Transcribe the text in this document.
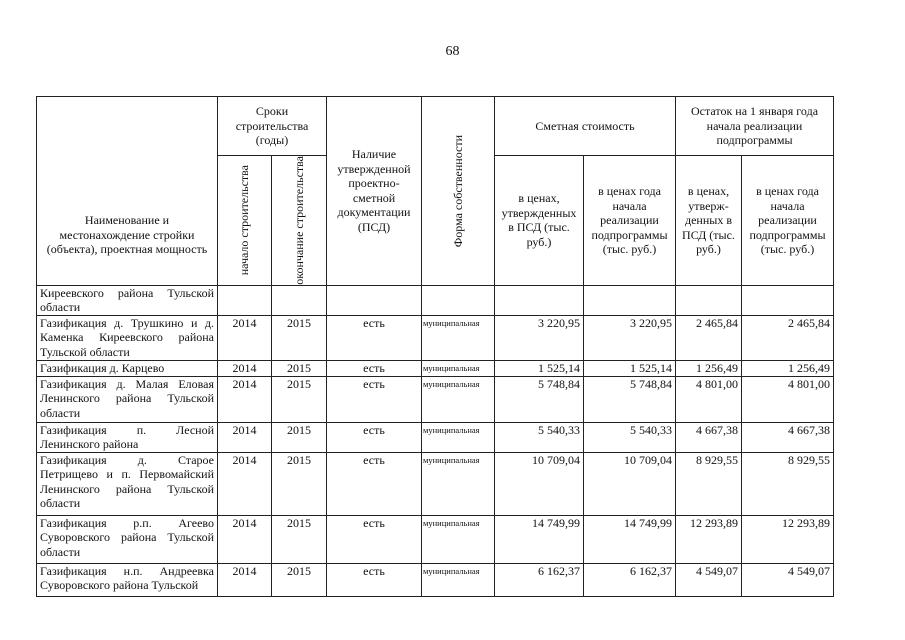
68
Наименование и местонахождение стройки (объекта), проектная мощность	Сроки строительства (годы)		Наличие утвержденной проектно-сметной документации (ПСД)	Форма собственности	Сметная стоимость		Остаток на 1 января года начала реализации подпрограммы	

	начало строительства	окончание строительства			в ценах, утвержденных в ПСД (тыс. руб.)	в ценах года начала реализации подпрограммы (тыс. руб.)	в ценах, утверж-денных в ПСД (тыс. руб.)	в ценах года начала реализации подпрограммы (тыс. руб.)
Киреевского района Тульской области								
Газификация д. Трушкино и д. Каменка Киреевского района Тульской области	2014	2015	есть	муниципальная	3 220,95	3 220,95	2 465,84	2 465,84
Газификация д. Карцево	2014	2015	есть	муниципальная	1 525,14	1 525,14	1 256,49	1 256,49
Газификация д. Малая Еловая Ленинского района Тульской области	2014	2015	есть	муниципальная	5 748,84	5 748,84	4 801,00	4 801,00
Газификация п. Лесной Ленинского района	2014	2015	есть	муниципальная	5 540,33	5 540,33	4 667,38	4 667,38
Газификация д. Старое Петрищево и п. Первомайский Ленинского района Тульской области	2014	2015	есть	муниципальная	10 709,04	10 709,04	8 929,55	8 929,55
Газификация р.п. Агеево Суворовского района Тульской области	2014	2015	есть	муниципальная	14 749,99	14 749,99	12 293,89	12 293,89
Газификация н.п. Андреевка Суворовского района Тульской	2014	2015	есть	муниципальная	6 162,37	6 162,37	4 549,07	4 549,07
